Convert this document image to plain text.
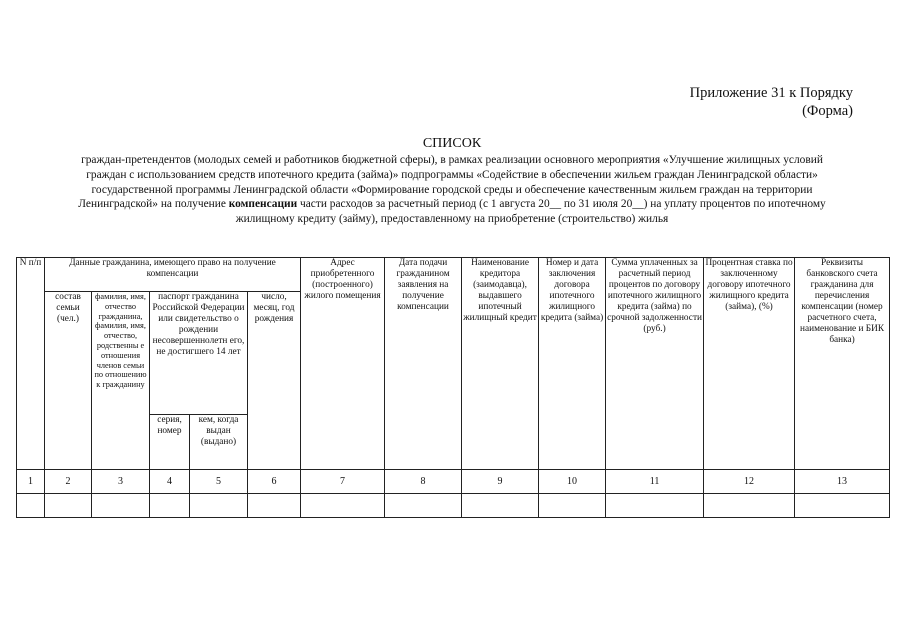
Приложение 31 к Порядку
(Форма)
СПИСОК
граждан-претендентов (молодых семей и работников бюджетной сферы), в рамках реализации основного мероприятия «Улучшение жилищных условий граждан с использованием средств ипотечного кредита (займа)» подпрограммы «Содействие в обеспечении жильем граждан Ленинградской области» государственной программы Ленинградской области «Формирование городской среды и обеспечение качественным жильем граждан на территории Ленинградской» на получение компенсации части расходов за расчетный период (с 1 августа 20__ по 31 июля 20__) на уплату процентов по ипотечному жилищному кредиту (займу), предоставленному на приобретение (строительство) жилья
N п/п	Данные гражданина, имеющего право на получение компенсации					Адрес приобретенного (построенного) жилого помещения	Дата подачи гражданином заявления на получение компенсации	Наименование кредитора (заимодавца), выдавшего ипотечный жилищный кредит	Номер и дата заключения договора ипотечного жилищного кредита (займа)	Сумма уплаченных за расчетный период процентов по договору ипотечного жилищного кредита (займа) по срочной задолженности (руб.)	Процентная ставка по заключенному договору ипотечного жилищного кредита (займа), (%)	Реквизиты банковского счета гражданина для перечисления компенсации (номер расчетного счета, наименование и БИК банка)
	состав семьи (чел.)	фамилия, имя, отчество гражданина, фамилия, имя, отчество, родственны е отношения членов семьи по отношению к гражданину	паспорт гражданина Российской Федерации или свидетельство о рождении несовершеннолетн его, не достигшего 14 лет		число, месяц, год рождения							
			серия, номер	кем, когда выдан (выдано)								
1	2	3	4	5	6	7	8	9	10	11	12	13
